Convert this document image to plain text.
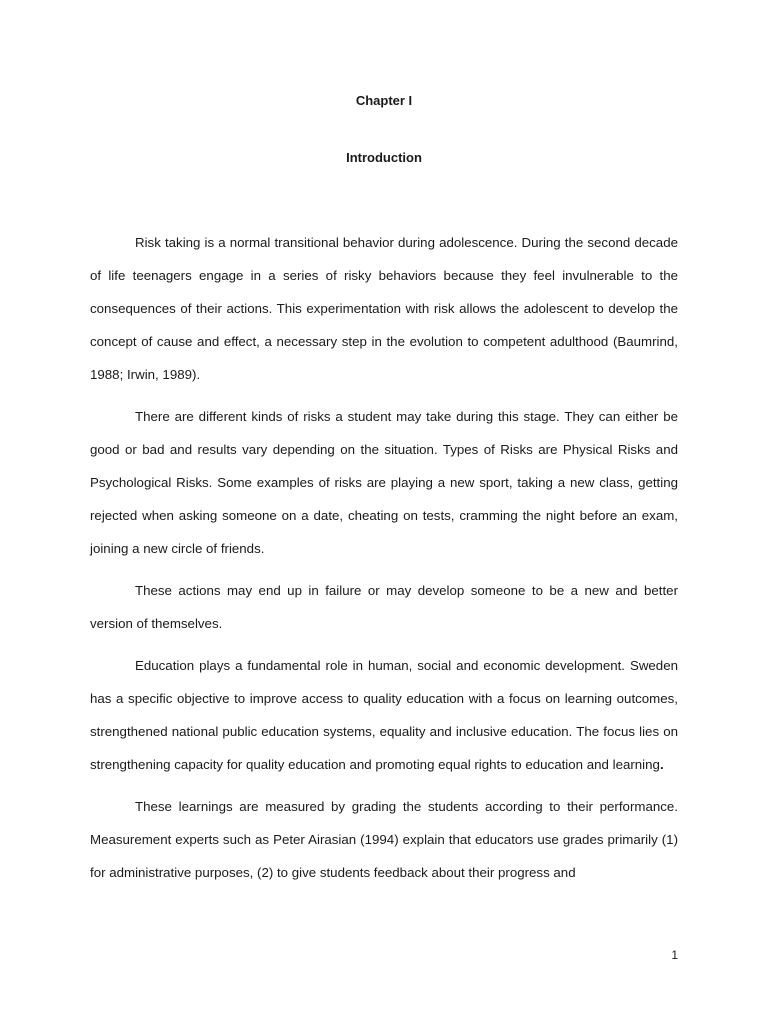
Chapter I
Introduction

Risk taking is a normal transitional behavior during adolescence. During the second decade of life teenagers engage in a series of risky behaviors because they feel invulnerable to the consequences of their actions. This experimentation with risk allows the adolescent to develop the concept of cause and effect, a necessary step in the evolution to competent adulthood (Baumrind, 1988; Irwin, 1989).

There are different kinds of risks a student may take during this stage. They can either be good or bad and results vary depending on the situation. Types of Risks are Physical Risks and Psychological Risks. Some examples of risks are playing a new sport, taking a new class, getting rejected when asking someone on a date, cheating on tests, cramming the night before an exam, joining a new circle of friends.

These actions may end up in failure or may develop someone to be a new and better version of themselves.

Education plays a fundamental role in human, social and economic development. Sweden has a specific objective to improve access to quality education with a focus on learning outcomes, strengthened national public education systems, equality and inclusive education. The focus lies on strengthening capacity for quality education and promoting equal rights to education and learning.

These learnings are measured by grading the students according to their performance. Measurement experts such as Peter Airasian (1994) explain that educators use grades primarily (1) for administrative purposes, (2) to give students feedback about their progress and

1
